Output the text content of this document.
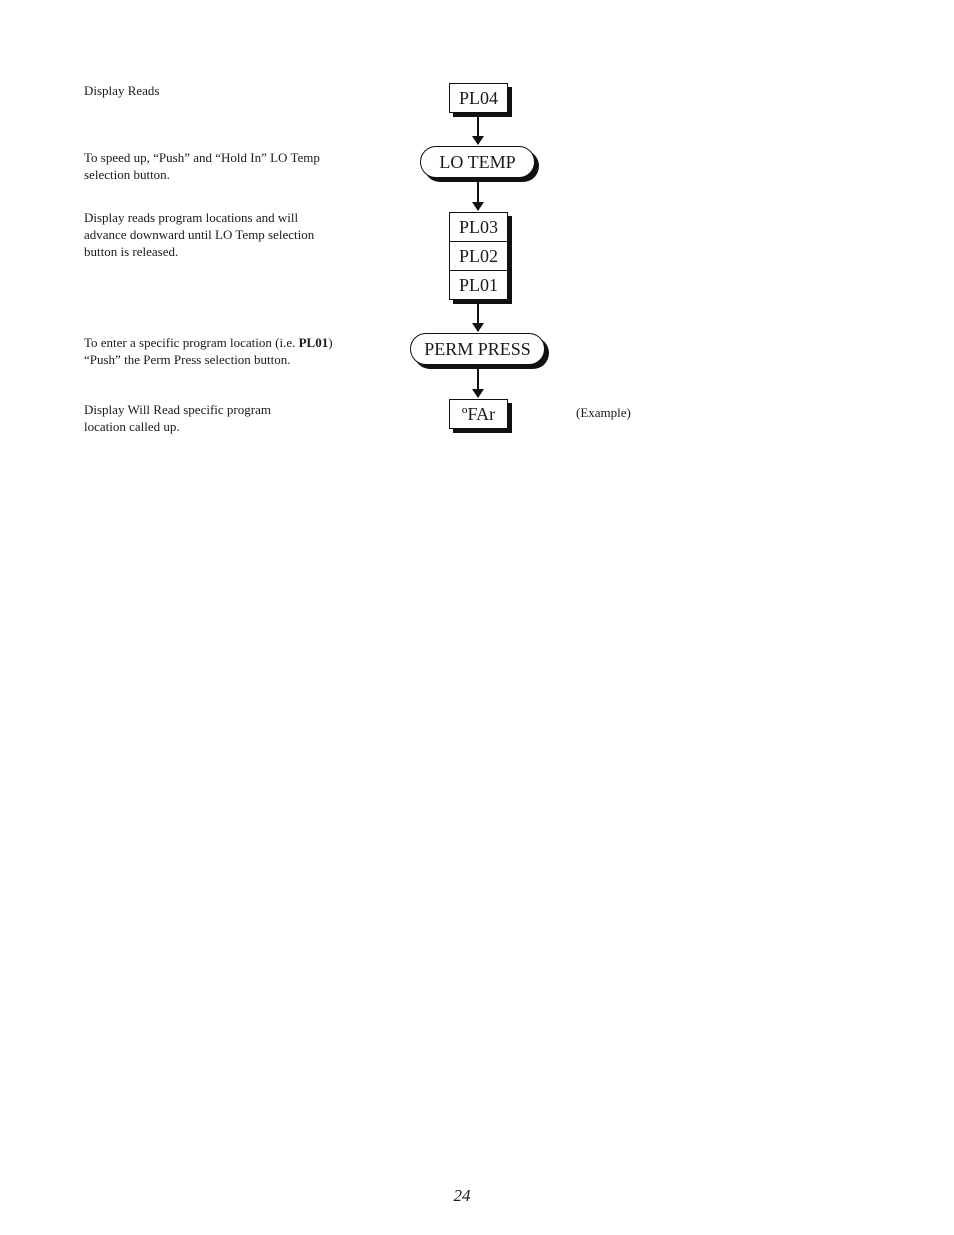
Display Reads
To speed up, “Push” and “Hold In” LO Temp
selection button.
Display reads program locations and will
advance downward until LO Temp selection
button is released.
To enter a specific program location (i.e. PL01)
“Push” the Perm Press selection button.
Display Will Read specific program
location called up.
PL04
LO TEMP
PL03
PL02
PL01
PERM PRESS
ºFAr	(Example)
24
